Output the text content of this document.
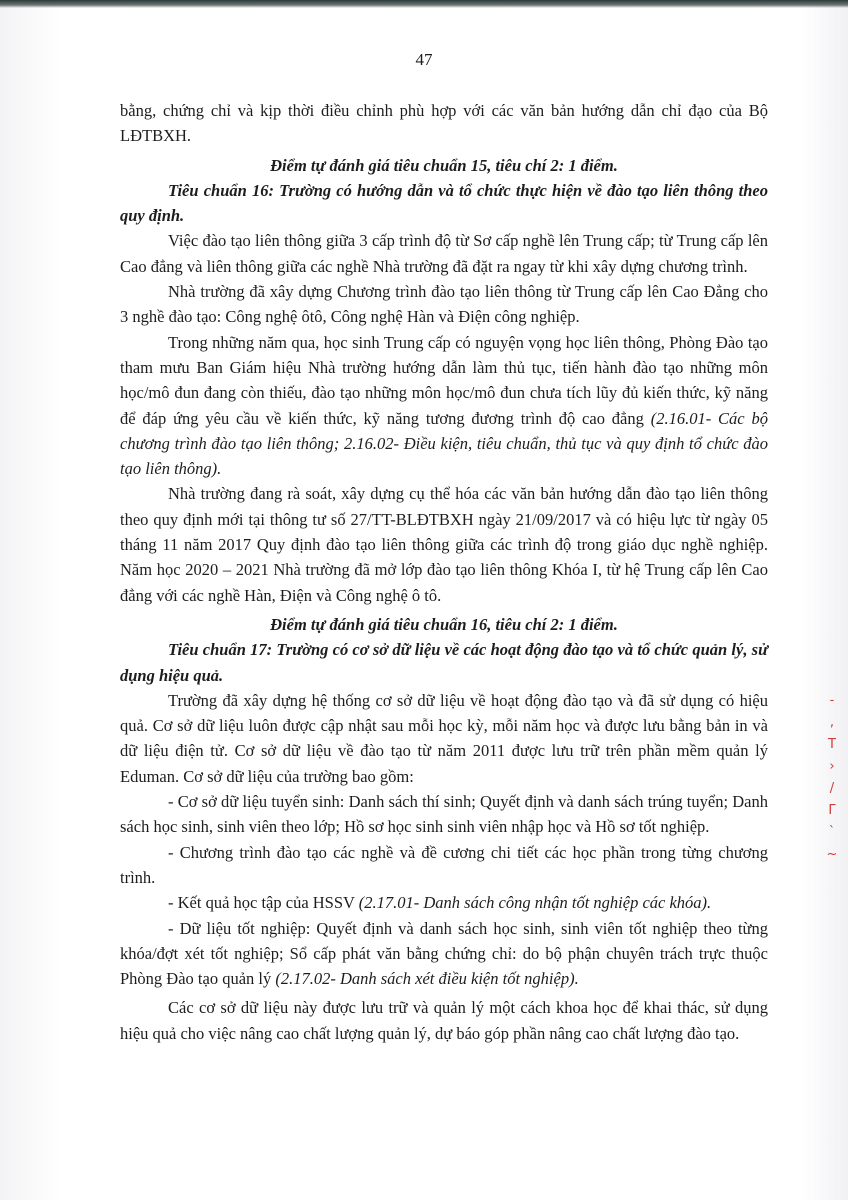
47

bằng, chứng chỉ và kịp thời điều chỉnh phù hợp với các văn bản hướng dẫn chỉ đạo của Bộ LĐTBXH.

Điểm tự đánh giá tiêu chuẩn 15, tiêu chí 2: 1 điểm.

Tiêu chuẩn 16: Trường có hướng dẫn và tổ chức thực hiện về đào tạo liên thông theo quy định.

Việc đào tạo liên thông giữa 3 cấp trình độ từ Sơ cấp nghề lên Trung cấp; từ Trung cấp lên Cao đẳng và liên thông giữa các nghề Nhà trường đã đặt ra ngay từ khi xây dựng chương trình.

Nhà trường đã xây dựng Chương trình đào tạo liên thông từ Trung cấp lên Cao Đẳng cho 3 nghề đào tạo: Công nghệ ôtô, Công nghệ Hàn và Điện công nghiệp.

Trong những năm qua, học sinh Trung cấp có nguyện vọng học liên thông, Phòng Đào tạo tham mưu Ban Giám hiệu Nhà trường hướng dẫn làm thủ tục, tiến hành đào tạo những môn học/mô đun đang còn thiếu, đào tạo những môn học/mô đun chưa tích lũy đủ kiến thức, kỹ năng để đáp ứng yêu cầu về kiến thức, kỹ năng tương đương trình độ cao đẳng (2.16.01- Các bộ chương trình đào tạo liên thông; 2.16.02- Điều kiện, tiêu chuẩn, thủ tục và quy định tổ chức đào tạo liên thông).

Nhà trường đang rà soát, xây dựng cụ thể hóa các văn bản hướng dẫn đào tạo liên thông theo quy định mới tại thông tư số 27/TT-BLĐTBXH ngày 21/09/2017 và có hiệu lực từ ngày 05 tháng 11 năm 2017 Quy định đào tạo liên thông giữa các trình độ trong giáo dục nghề nghiệp. Năm học 2020 – 2021 Nhà trường đã mở lớp đào tạo liên thông Khóa I, từ hệ Trung cấp lên Cao đẳng với các nghề Hàn, Điện và Công nghệ ô tô.

Điểm tự đánh giá tiêu chuẩn 16, tiêu chí 2: 1 điểm.

Tiêu chuẩn 17: Trường có cơ sở dữ liệu về các hoạt động đào tạo và tổ chức quản lý, sử dụng hiệu quả.

Trường đã xây dựng hệ thống cơ sở dữ liệu về hoạt động đào tạo và đã sử dụng có hiệu quả. Cơ sở dữ liệu luôn được cập nhật sau mỗi học kỳ, mỗi năm học và được lưu bằng bản in và dữ liệu điện tử. Cơ sở dữ liệu về đào tạo từ năm 2011 được lưu trữ trên phần mềm quản lý Eduman. Cơ sở dữ liệu của trường bao gồm:

- Cơ sở dữ liệu tuyển sinh: Danh sách thí sinh; Quyết định và danh sách trúng tuyển; Danh sách học sinh, sinh viên theo lớp; Hồ sơ học sinh sinh viên nhập học và Hồ sơ tốt nghiệp.

- Chương trình đào tạo các nghề và đề cương chi tiết các học phần trong từng chương trình.

- Kết quả học tập của HSSV (2.17.01- Danh sách công nhận tốt nghiệp các khóa).

- Dữ liệu tốt nghiệp: Quyết định và danh sách học sinh, sinh viên tốt nghiệp theo từng khóa/đợt xét tốt nghiệp; Sổ cấp phát văn bằng chứng chỉ: do bộ phận chuyên trách trực thuộc Phòng Đào tạo quản lý (2.17.02- Danh sách xét điều kiện tốt nghiệp).

Các cơ sở dữ liệu này được lưu trữ và quản lý một cách khoa học để khai thác, sử dụng hiệu quả cho việc nâng cao chất lượng quản lý, dự báo góp phần nâng cao chất lượng đào tạo.

-
,
T
›
/
Γ
`
~
